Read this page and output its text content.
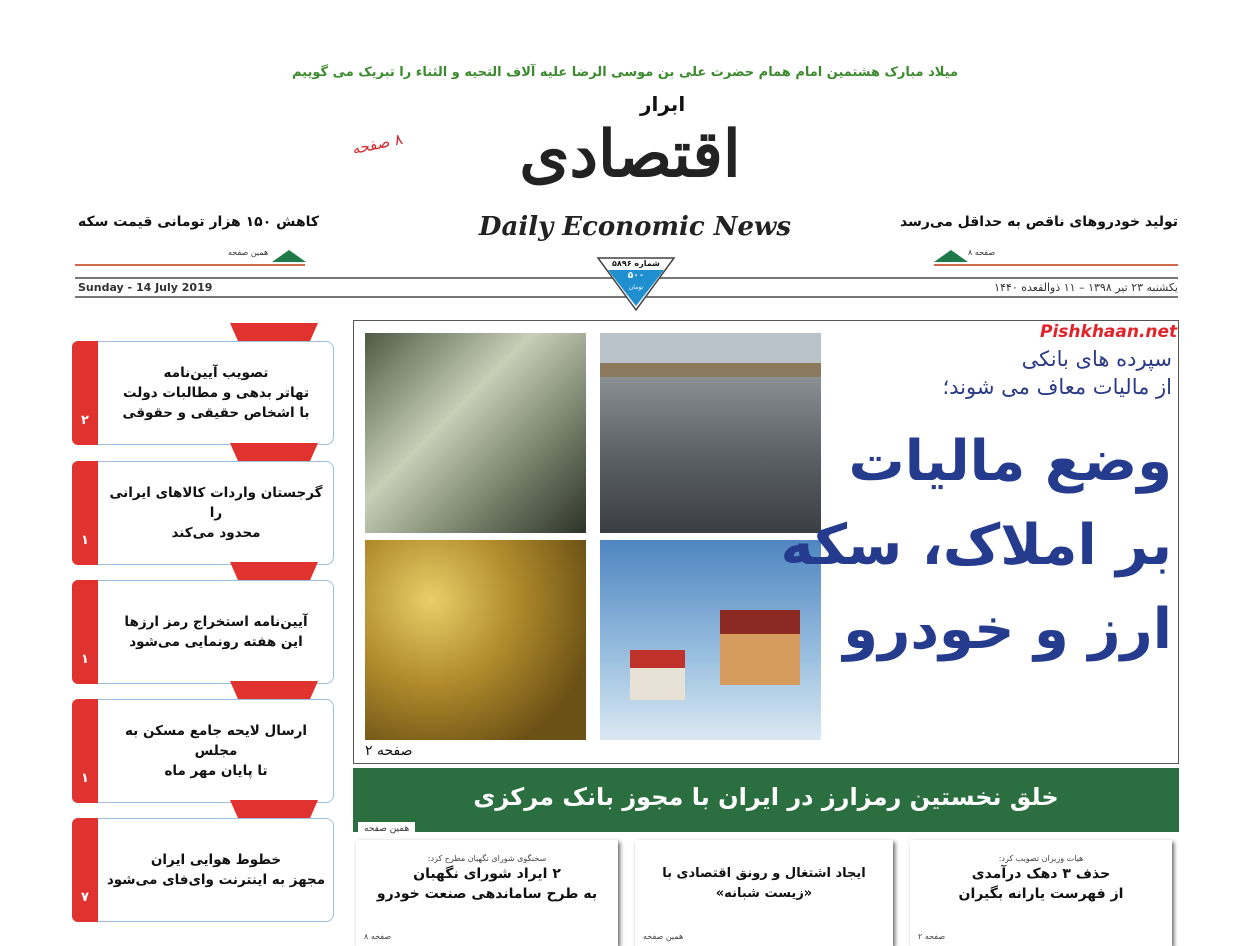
میلاد مبارک هشتمین امام همام حضرت علی بن موسی الرضا علیه آلاف التحیه و الثناء را تبریک می گوییم
۸ صفحه
ابرار
اقتصادی
Daily Economic News
کاهش ۱۵۰ هزار تومانی قیمت سکه
همین صفحه
تولید خودروهای ناقص به حداقل می‌رسد
صفحه ۸
Sunday - 14 July 2019	یکشنبه ۲۳ تیر ۱۳۹۸ – ۱۱ ذوالقعده ۱۴۴۰
شماره ۵۸۹۶
۵۰۰
تومان
۲
تصویب آیین‌نامه
تهاتر بدهی و مطالبات دولت
با اشخاص حقیقی و حقوقی
۱
گرجستان واردات کالاهای ایرانی را
محدود می‌کند
۱
آیین‌نامه استخراج رمز ارزها
این هفته رونمایی می‌شود
۱
ارسال لایحه جامع مسکن به مجلس
تا پایان مهر ماه
۷
خطوط هوایی ایران
مجهز به اینترنت وای‌فای می‌شود
صفحه ۲
Pishkhaan.net
سپرده های بانکی
از مالیات معاف می شوند؛
وضع مالیات
بر املاک، سکه
ارز و خودرو
خلق نخستین رمزارز در ایران با مجوز بانک مرکزی
همین صفحه
سخنگوی شورای نگهبان مطرح کرد:
۲ ایراد شورای نگهبان
به طرح ساماندهی صنعت خودرو
صفحه ۸
ایجاد اشتغال و رونق اقتصادی با «زیست شبانه»
همین صفحه
هیات وزیران تصویب کرد:
حذف ۳ دهک درآمدی
از فهرست یارانه بگیران
صفحه ۲
